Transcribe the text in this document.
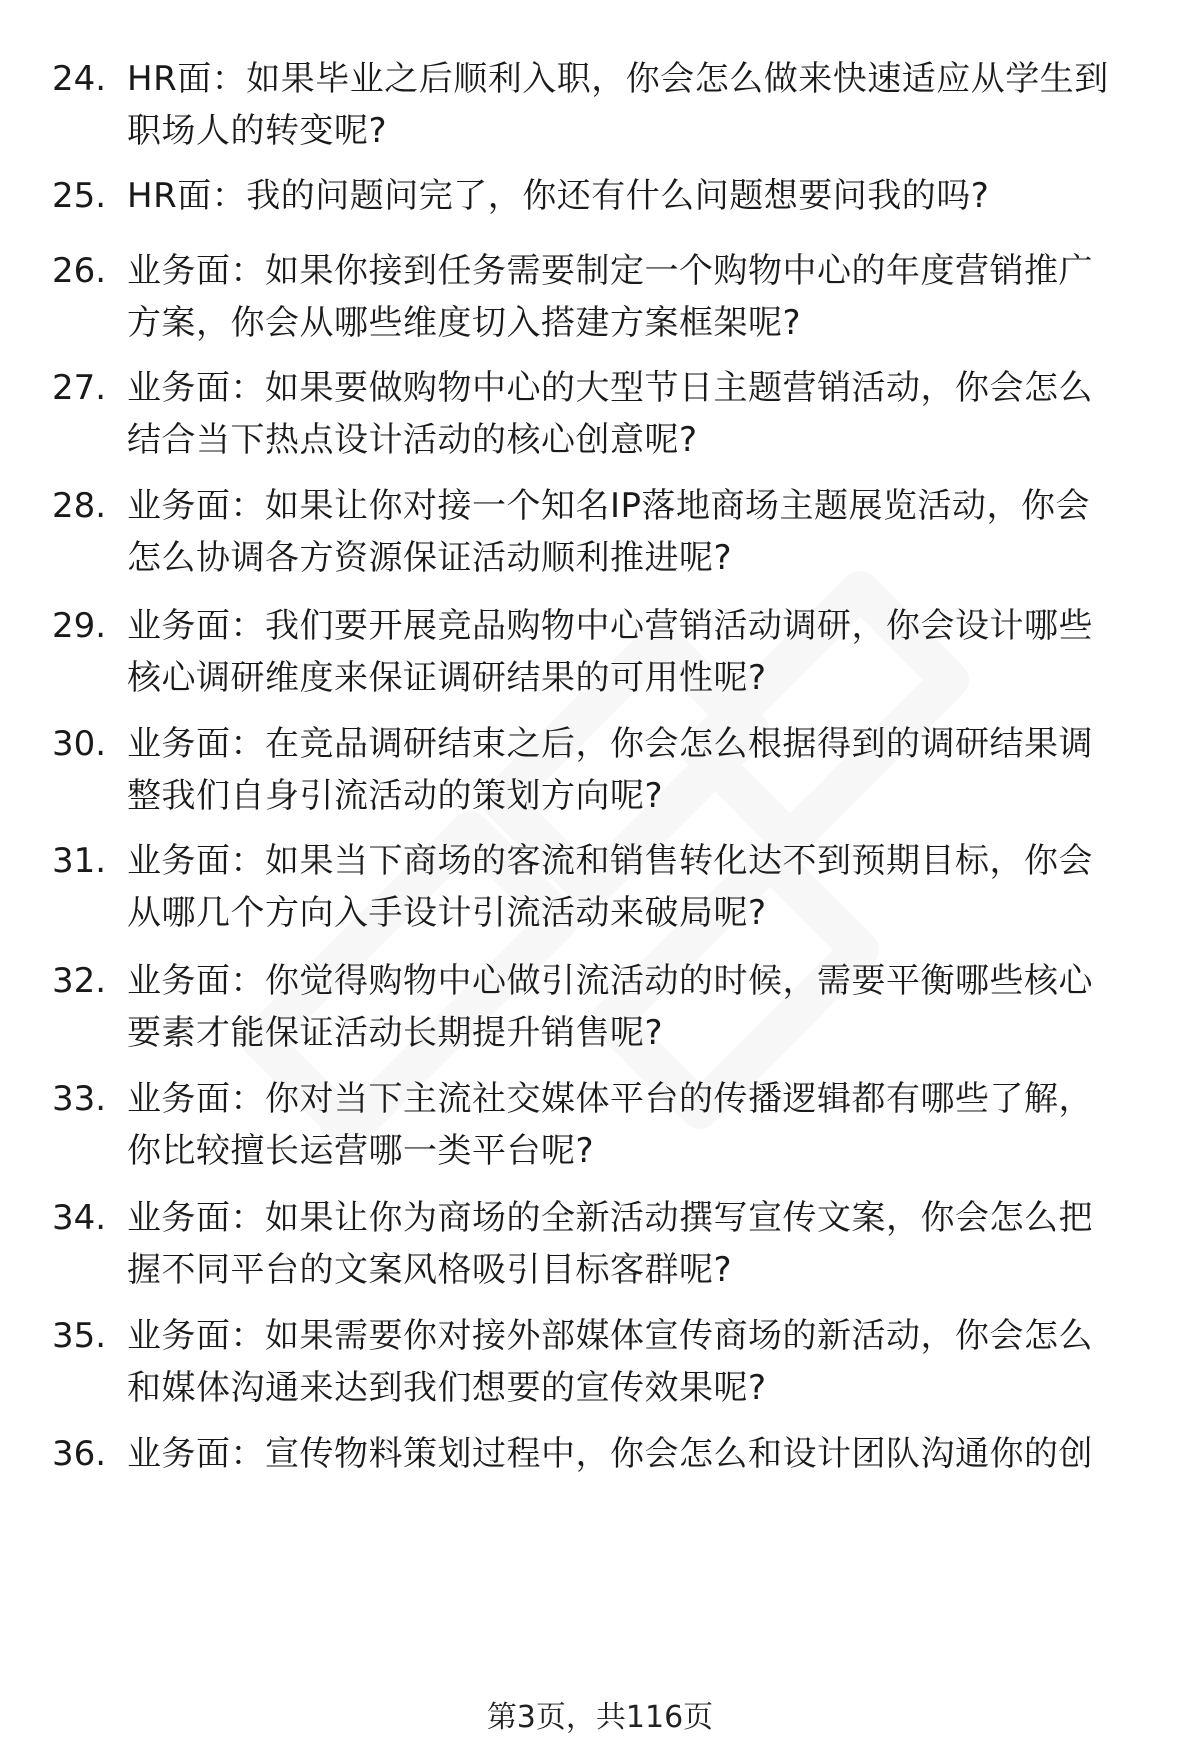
24. HR面：如果毕业之后顺利入职，你会怎么做来快速适应从学生到
职场人的转变呢?
25. HR面：我的问题问完了，你还有什么问题想要问我的吗?
26. 业务面：如果你接到任务需要制定一个购物中心的年度营销推广
方案，你会从哪些维度切入搭建方案框架呢?
27. 业务面：如果要做购物中心的大型节日主题营销活动，你会怎么
结合当下热点设计活动的核心创意呢?
28. 业务面：如果让你对接一个知名IP落地商场主题展览活动，你会
怎么协调各方资源保证活动顺利推进呢?
29. 业务面：我们要开展竞品购物中心营销活动调研，你会设计哪些
核心调研维度来保证调研结果的可用性呢?
30. 业务面：在竞品调研结束之后，你会怎么根据得到的调研结果调
整我们自身引流活动的策划方向呢?
31. 业务面：如果当下商场的客流和销售转化达不到预期目标，你会
从哪几个方向入手设计引流活动来破局呢?
32. 业务面：你觉得购物中心做引流活动的时候，需要平衡哪些核心
要素才能保证活动长期提升销售呢?
33. 业务面：你对当下主流社交媒体平台的传播逻辑都有哪些了解，
你比较擅长运营哪一类平台呢?
34. 业务面：如果让你为商场的全新活动撰写宣传文案，你会怎么把
握不同平台的文案风格吸引目标客群呢?
35. 业务面：如果需要你对接外部媒体宣传商场的新活动，你会怎么
和媒体沟通来达到我们想要的宣传效果呢?
36. 业务面：宣传物料策划过程中，你会怎么和设计团队沟通你的创
第3页，共116页
